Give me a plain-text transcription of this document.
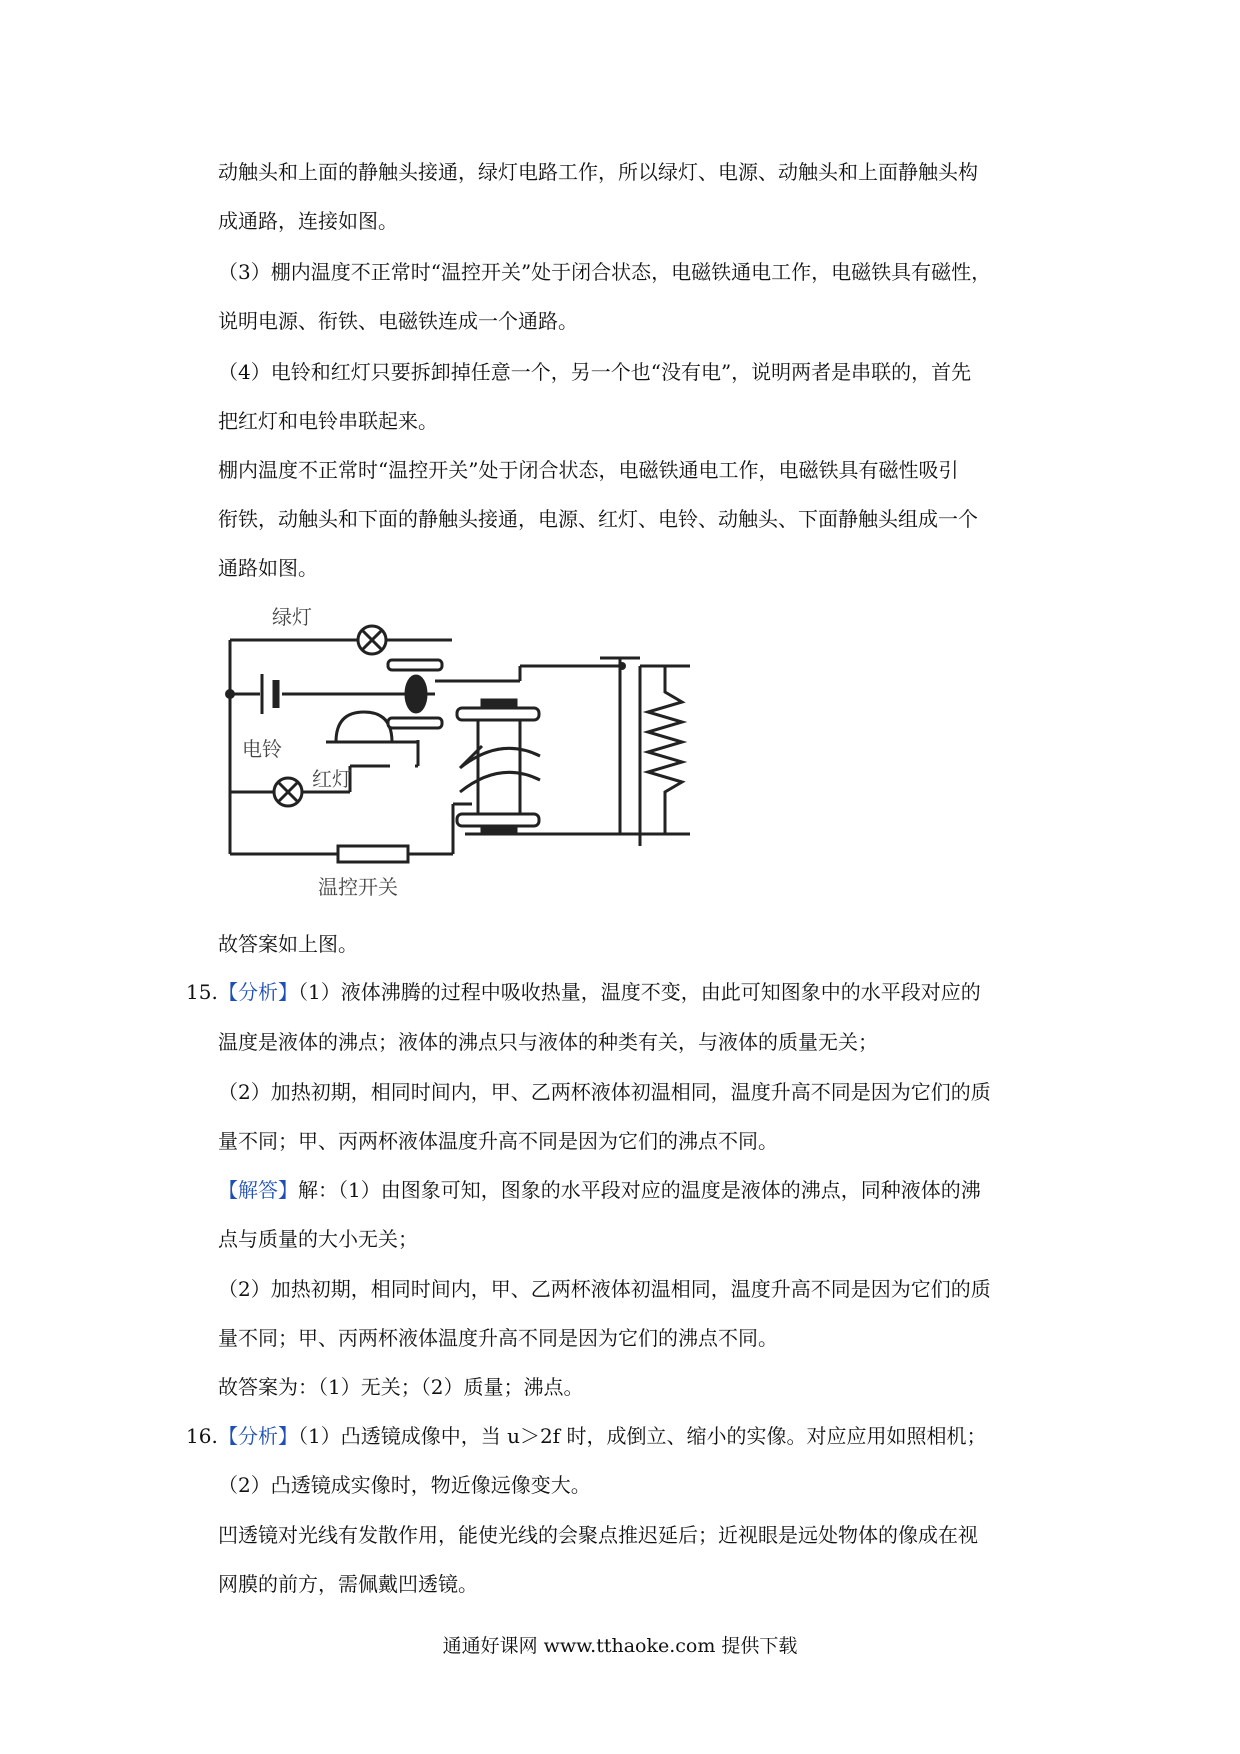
动触头和上面的静触头接通，绿灯电路工作，所以绿灯、电源、动触头和上面静触头构
成通路，连接如图。
（3）棚内温度不正常时“温控开关”处于闭合状态，电磁铁通电工作，电磁铁具有磁性，
说明电源、衔铁、电磁铁连成一个通路。
（4）电铃和红灯只要拆卸掉任意一个，另一个也“没有电”，说明两者是串联的，首先
把红灯和电铃串联起来。
棚内温度不正常时“温控开关”处于闭合状态，电磁铁通电工作，电磁铁具有磁性吸引
衔铁，动触头和下面的静触头接通，电源、红灯、电铃、动触头、下面静触头组成一个
通路如图。
绿灯
电铃
红灯
温控开关
故答案如上图。
15. 【分析】（1）液体沸腾的过程中吸收热量，温度不变，由此可知图象中的水平段对应的
温度是液体的沸点；液体的沸点只与液体的种类有关，与液体的质量无关；
（2）加热初期，相同时间内，甲、乙两杯液体初温相同，温度升高不同是因为它们的质
量不同；甲、丙两杯液体温度升高不同是因为它们的沸点不同。
【解答】解：（1）由图象可知，图象的水平段对应的温度是液体的沸点，同种液体的沸
点与质量的大小无关；
（2）加热初期，相同时间内，甲、乙两杯液体初温相同，温度升高不同是因为它们的质
量不同；甲、丙两杯液体温度升高不同是因为它们的沸点不同。
故答案为：（1）无关；（2）质量；沸点。
16. 【分析】（1）凸透镜成像中，当 u＞2f 时，成倒立、缩小的实像。对应应用如照相机；
（2）凸透镜成实像时，物近像远像变大。
凹透镜对光线有发散作用，能使光线的会聚点推迟延后；近视眼是远处物体的像成在视
网膜的前方，需佩戴凹透镜。
通通好课网 www.tthaoke.com 提供下载
